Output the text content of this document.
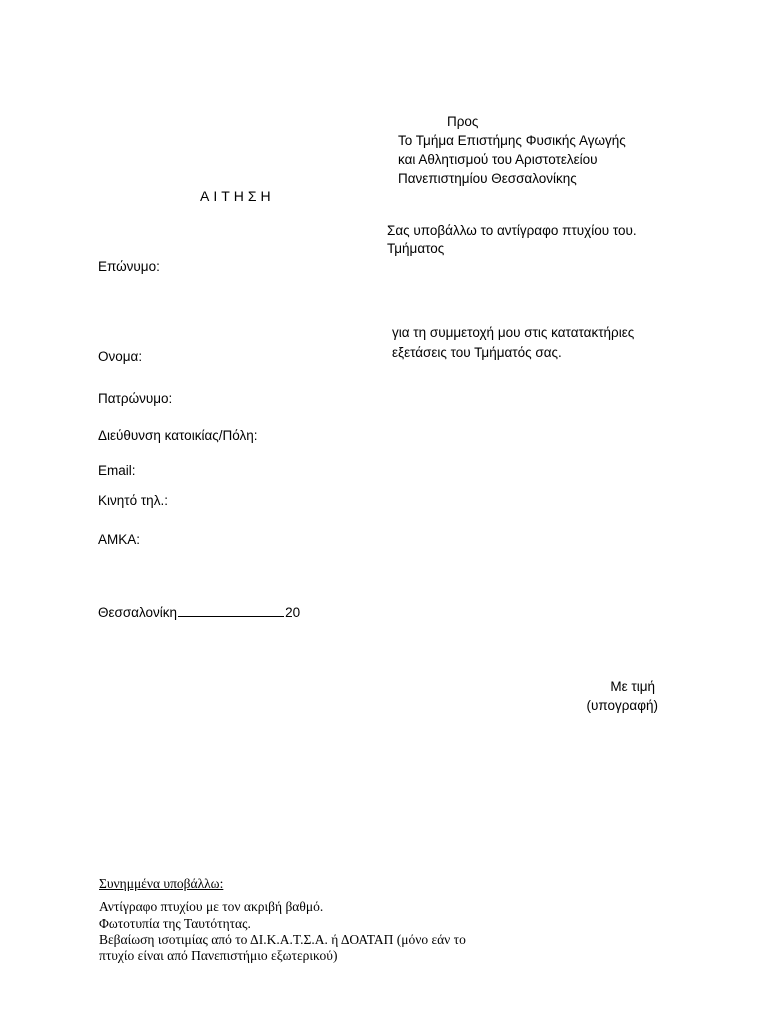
Προς
Το Τμήμα Επιστήμης Φυσικής Αγωγής
και Αθλητισμού του Αριστοτελείου
Πανεπιστημίου Θεσσαλονίκης
ΑΙΤΗΣΗ
Σας υποβάλλω το αντίγραφο πτυχίου του.
Τμήματος
για τη συμμετοχή μου στις κατατακτήριες
εξετάσεις του Τμήματός σας.
Επώνυμο:
Ονομα:
Πατρώνυμο:
Διεύθυνση κατοικίας/Πόλη:
Email:
Κινητό τηλ.:
ΑΜΚΑ:
Θεσσαλονίκη	20
Με τιμή
(υπογραφή)
Συνημμένα υποβάλλω:
Αντίγραφο πτυχίου με τον ακριβή βαθμό.
Φωτοτυπία της Ταυτότητας.
Βεβαίωση ισοτιμίας από το ΔΙ.Κ.Α.Τ.Σ.Α. ή ΔΟΑΤΑΠ (μόνο εάν το
πτυχίο είναι από Πανεπιστήμιο εξωτερικού)
